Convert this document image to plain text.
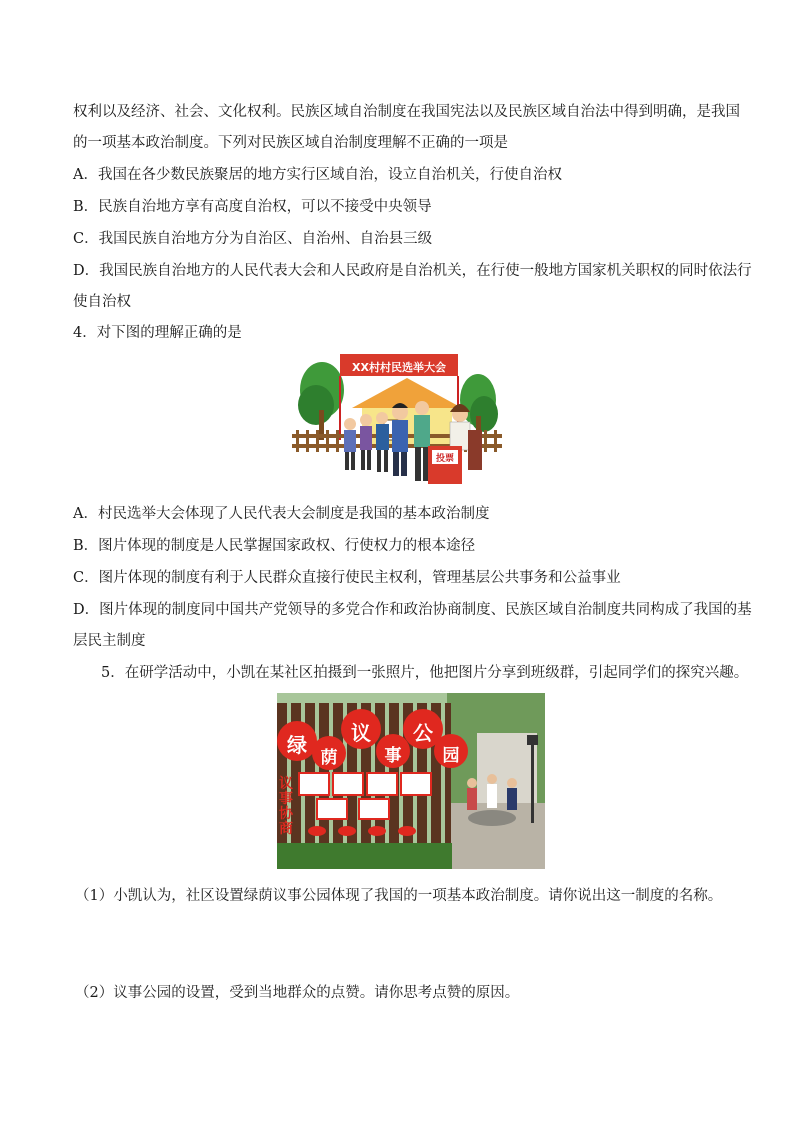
权利以及经济、社会、文化权利。民族区域自治制度在我国宪法以及民族区域自治法中得到明确，是我国
的一项基本政治制度。下列对民族区域自治制度理解不正确的一项是
A．我国在各少数民族聚居的地方实行区域自治，设立自治机关，行使自治权
B．民族自治地方享有高度自治权，可以不接受中央领导
C．我国民族自治地方分为自治区、自治州、自治县三级
D．我国民族自治地方的人民代表大会和人民政府是自治机关，在行使一般地方国家机关职权的同时依法行
使自治权
4．对下图的理解正确的是
XX村村民选举大会
投票
A．村民选举大会体现了人民代表大会制度是我国的基本政治制度
B．图片体现的制度是人民掌握国家政权、行使权力的根本途径
C．图片体现的制度有利于人民群众直接行使民主权利，管理基层公共事务和公益事业
D．图片体现的制度同中国共产党领导的多党合作和政治协商制度、民族区域自治制度共同构成了我国的基
层民主制度
5．在研学活动中，小凯在某社区拍摄到一张照片，他把图片分享到班级群，引起同学们的探究兴趣。
绿
荫
议
事
公
园
议事协商
（1）小凯认为，社区设置绿荫议事公园体现了我国的一项基本政治制度。请你说出这一制度的名称。
（2）议事公园的设置，受到当地群众的点赞。请你思考点赞的原因。
